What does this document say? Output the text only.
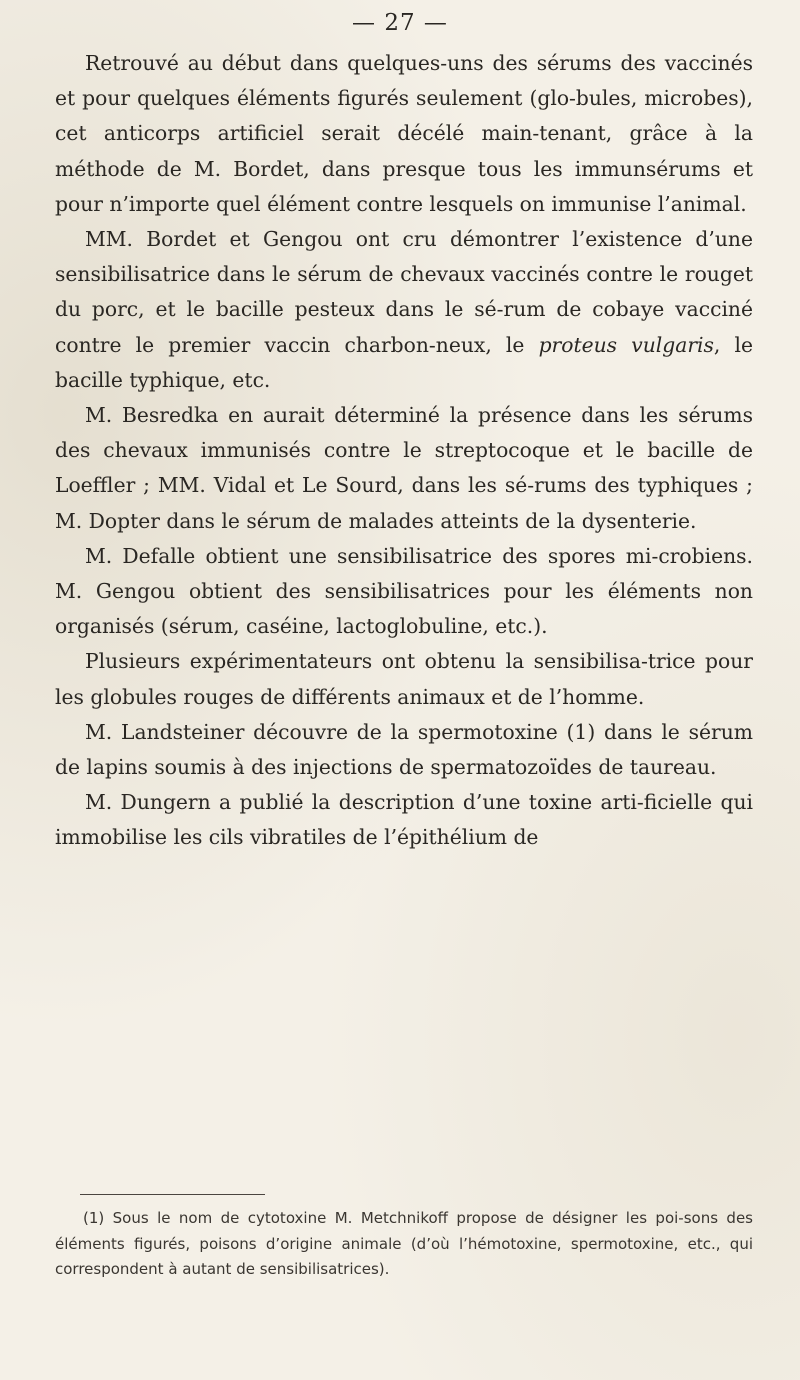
— 27 —

Retrouvé au début dans quelques-uns des sérums des vaccinés et pour quelques éléments figurés seulement (glo-bules, microbes), cet anticorps artificiel serait décélé main-tenant, grâce à la méthode de M. Bordet, dans presque tous les immunsérums et pour n’importe quel élément contre lesquels on immunise l’animal.

MM. Bordet et Gengou ont cru démontrer l’existence d’une sensibilisatrice dans le sérum de chevaux vaccinés contre le rouget du porc, et le bacille pesteux dans le sé-rum de cobaye vacciné contre le premier vaccin charbon-neux, le proteus vulgaris, le bacille typhique, etc.

M. Besredka en aurait déterminé la présence dans les sérums des chevaux immunisés contre le streptocoque et le bacille de Loeffler ; MM. Vidal et Le Sourd, dans les sé-rums des typhiques ; M. Dopter dans le sérum de malades atteints de la dysenterie.

M. Defalle obtient une sensibilisatrice des spores mi-crobiens. M. Gengou obtient des sensibilisatrices pour les éléments non organisés (sérum, caséine, lactoglobuline, etc.).

Plusieurs expérimentateurs ont obtenu la sensibilisa-trice pour les globules rouges de différents animaux et de l’homme.

M. Landsteiner découvre de la spermotoxine (1) dans le sérum de lapins soumis à des injections de spermatozoïdes de taureau.

M. Dungern a publié la description d’une toxine arti-ficielle qui immobilise les cils vibratiles de l’épithélium de

(1) Sous le nom de cytotoxine M. Metchnikoff propose de désigner les poi-sons des éléments figurés, poisons d’origine animale (d’où l’hémotoxine, spermotoxine, etc., qui correspondent à autant de sensibilisatrices).
